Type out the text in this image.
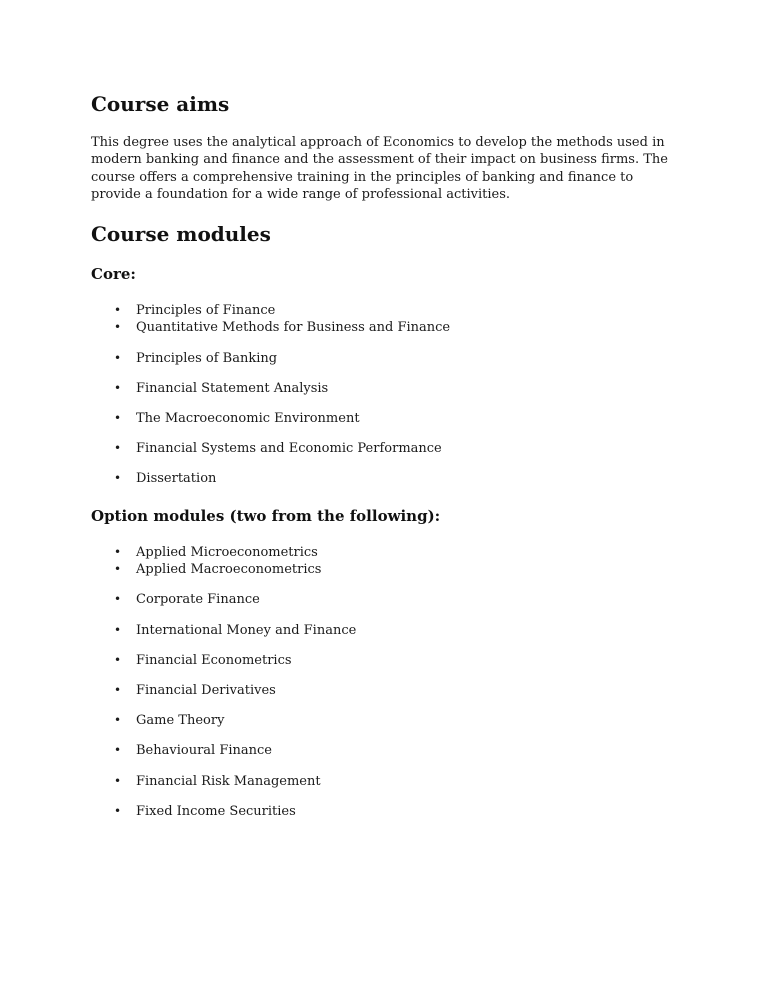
Course aims

This degree uses the analytical approach of Economics to develop the methods used in modern banking and finance and the assessment of their impact on business firms. The course offers a comprehensive training in the principles of banking and finance to provide a foundation for a wide range of professional activities.

Course modules
Core:
• Principles of Finance
• Quantitative Methods for Business and Finance
• Principles of Banking
• Financial Statement Analysis
• The Macroeconomic Environment
• Financial Systems and Economic Performance
• Dissertation
Option modules (two from the following):
• Applied Microeconometrics
• Applied Macroeconometrics
• Corporate Finance
• International Money and Finance
• Financial Econometrics
• Financial Derivatives
• Game Theory
• Behavioural Finance
• Financial Risk Management
• Fixed Income Securities
